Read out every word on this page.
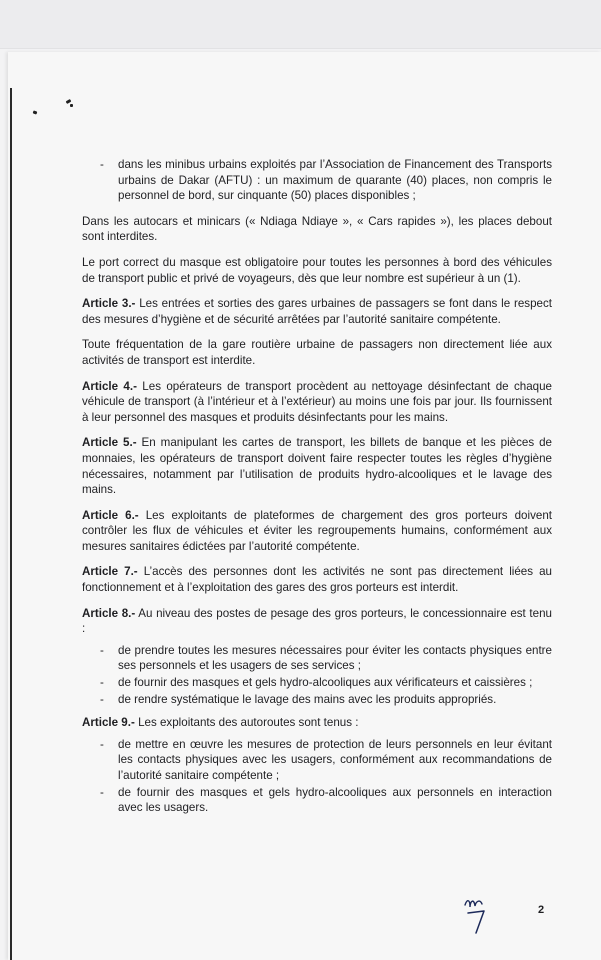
- dans les minibus urbains exploités par l’Association de Financement des Transports urbains de Dakar (AFTU) : un maximum de quarante (40) places, non compris le personnel de bord, sur cinquante (50) places disponibles ;

Dans les autocars et minicars (« Ndiaga Ndiaye », « Cars rapides »), les places debout sont interdites.

Le port correct du masque est obligatoire pour toutes les personnes à bord des véhicules de transport public et privé de voyageurs, dès que leur nombre est supérieur à un (1).

Article 3.- Les entrées et sorties des gares urbaines de passagers se font dans le respect des mesures d’hygiène et de sécurité arrêtées par l’autorité sanitaire compétente.

Toute fréquentation de la gare routière urbaine de passagers non directement liée aux activités de transport est interdite.

Article 4.- Les opérateurs de transport procèdent au nettoyage désinfectant de chaque véhicule de transport (à l’intérieur et à l’extérieur) au moins une fois par jour. Ils fournissent à leur personnel des masques et produits désinfectants pour les mains.

Article 5.- En manipulant les cartes de transport, les billets de banque et les pièces de monnaies, les opérateurs de transport doivent faire respecter toutes les règles d’hygiène nécessaires, notamment par l’utilisation de produits hydro-alcooliques et le lavage des mains.

Article 6.- Les exploitants de plateformes de chargement des gros porteurs doivent contrôler les flux de véhicules et éviter les regroupements humains, conformément aux mesures sanitaires édictées par l’autorité compétente.

Article 7.- L’accès des personnes dont les activités ne sont pas directement liées au fonctionnement et à l’exploitation des gares des gros porteurs est interdit.

Article 8.- Au niveau des postes de pesage des gros porteurs, le concessionnaire est tenu :

- de prendre toutes les mesures nécessaires pour éviter les contacts physiques entre ses personnels et les usagers de ses services ;
- de fournir des masques et gels hydro-alcooliques aux vérificateurs et caissières ;
- de rendre systématique le lavage des mains avec les produits appropriés.

Article 9.- Les exploitants des autoroutes sont tenus :

- de mettre en œuvre les mesures de protection de leurs personnels en leur évitant les contacts physiques avec les usagers, conformément aux recommandations de l’autorité sanitaire compétente ;
- de fournir des masques et gels hydro-alcooliques aux personnels en interaction avec les usagers.
2
